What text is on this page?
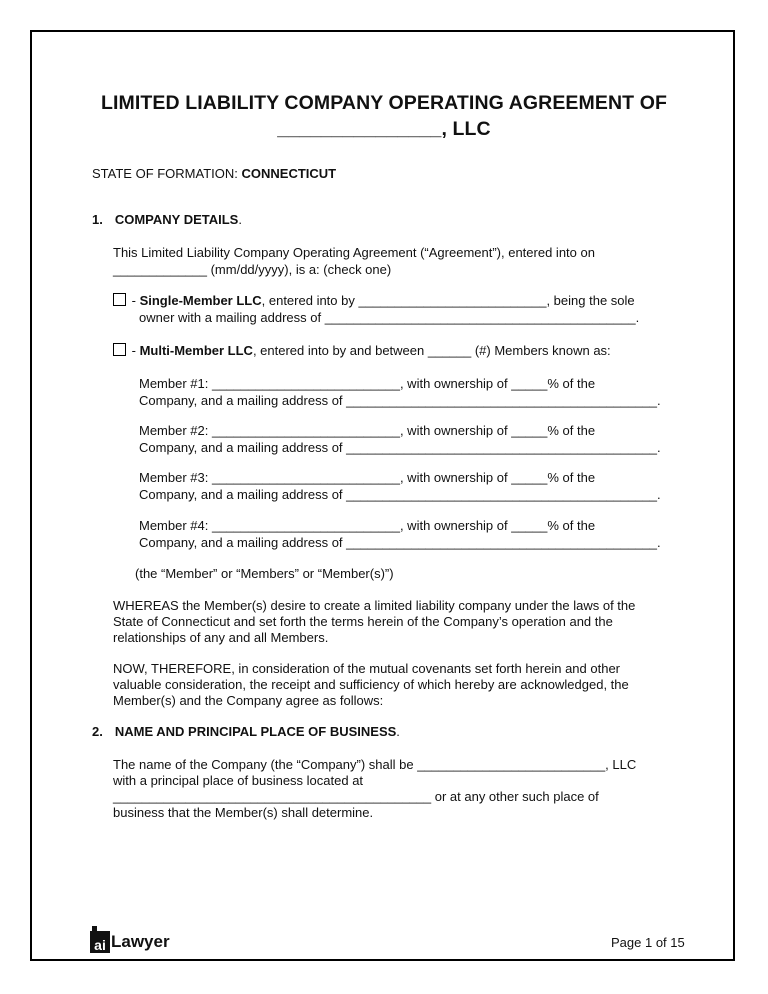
LIMITED LIABILITY COMPANY OPERATING AGREEMENT OF
_______________, LLC
STATE OF FORMATION: CONNECTICUT
1. COMPANY DETAILS.
This Limited Liability Company Operating Agreement (“Agreement”), entered into on
_____________ (mm/dd/yyyy), is a: (check one)
- Single-Member LLC, entered into by __________________________, being the sole
owner with a mailing address of ___________________________________________.
- Multi-Member LLC, entered into by and between ______ (#) Members known as:
Member #1: __________________________, with ownership of _____% of the
Company, and a mailing address of ___________________________________________.
Member #2: __________________________, with ownership of _____% of the
Company, and a mailing address of ___________________________________________.
Member #3: __________________________, with ownership of _____% of the
Company, and a mailing address of ___________________________________________.
Member #4: __________________________, with ownership of _____% of the
Company, and a mailing address of ___________________________________________.
(the “Member” or “Members” or “Member(s)”)
WHEREAS the Member(s) desire to create a limited liability company under the laws of the
State of Connecticut and set forth the terms herein of the Company’s operation and the
relationships of any and all Members.
NOW, THEREFORE, in consideration of the mutual covenants set forth herein and other
valuable consideration, the receipt and sufficiency of which hereby are acknowledged, the
Member(s) and the Company agree as follows:
2. NAME AND PRINCIPAL PLACE OF BUSINESS.
The name of the Company (the “Company”) shall be __________________________, LLC
with a principal place of business located at
____________________________________________ or at any other such place of
business that the Member(s) shall determine.
ai Lawyer	Page 1 of 15
